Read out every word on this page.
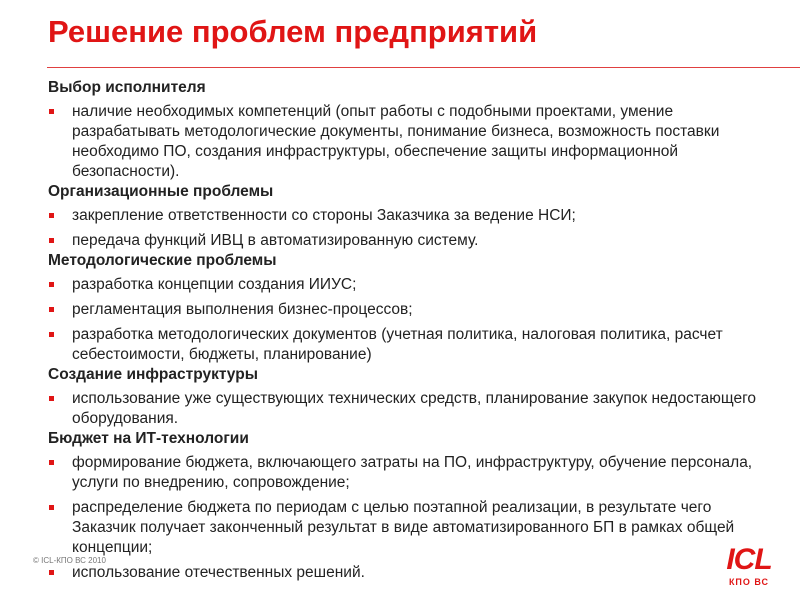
Решение проблем предприятий
Выбор исполнителя
наличие необходимых компетенций (опыт работы с подобными проектами, умение разрабатывать методологические документы, понимание бизнеса, возможность поставки необходимо ПО, создания инфраструктуры, обеспечение защиты информационной безопасности).
Организационные проблемы
закрепление ответственности со стороны Заказчика за ведение НСИ;
передача функций ИВЦ в автоматизированную систему.
Методологические проблемы
разработка концепции создания ИИУС;
регламентация выполнения бизнес-процессов;
разработка методологических документов (учетная политика, налоговая политика, расчет себестоимости, бюджеты, планирование)
Создание инфраструктуры
использование уже существующих технических средств, планирование закупок недостающего оборудования.
Бюджет на ИТ-технологии
формирование бюджета, включающего затраты на ПО, инфраструктуру, обучение персонала, услуги по внедрению, сопровождение;
распределение бюджета по периодам с целью поэтапной реализации, в результате чего Заказчик получает законченный результат в виде автоматизированного БП в рамках общей концепции;
использование отечественных решений.
© ICL-КПО ВС 2010	ICL
КПО ВС
